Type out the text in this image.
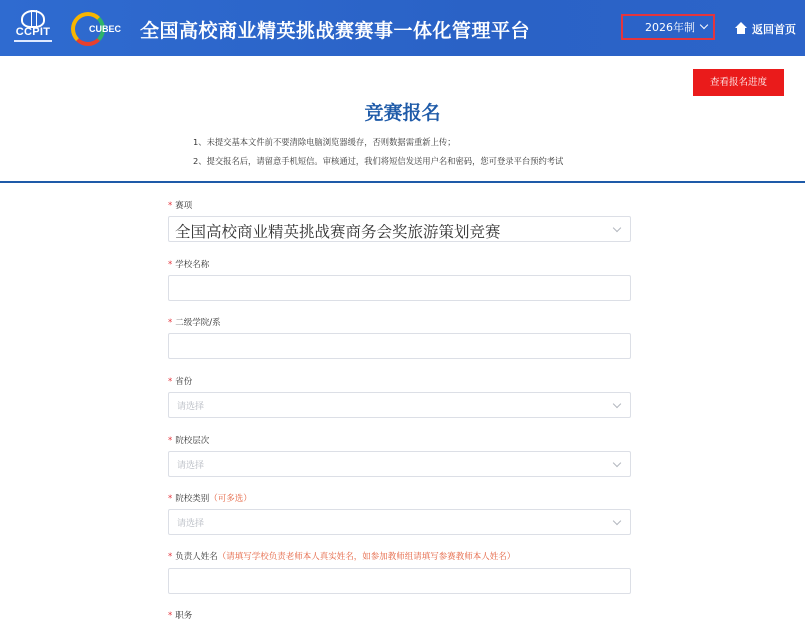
CCPIT	CUBEC 全国高校商业精英挑战赛赛事一体化管理平台	2026年制	返回首页
查看报名进度
竞赛报名
1、未提交基本文件前不要清除电脑浏览器缓存，否则数据需重新上传；
2、提交报名后，请留意手机短信。审核通过，我们将短信发送用户名和密码，您可登录平台预约考试
* 赛项
全国高校商业精英挑战赛商务会奖旅游策划竞赛
* 学校名称
* 二级学院/系
* 省份
请选择
* 院校层次
请选择
* 院校类别（可多选）
请选择
* 负责人姓名（请填写学校负责老师本人真实姓名，如参加教师组请填写参赛教师本人姓名）
* 职务
